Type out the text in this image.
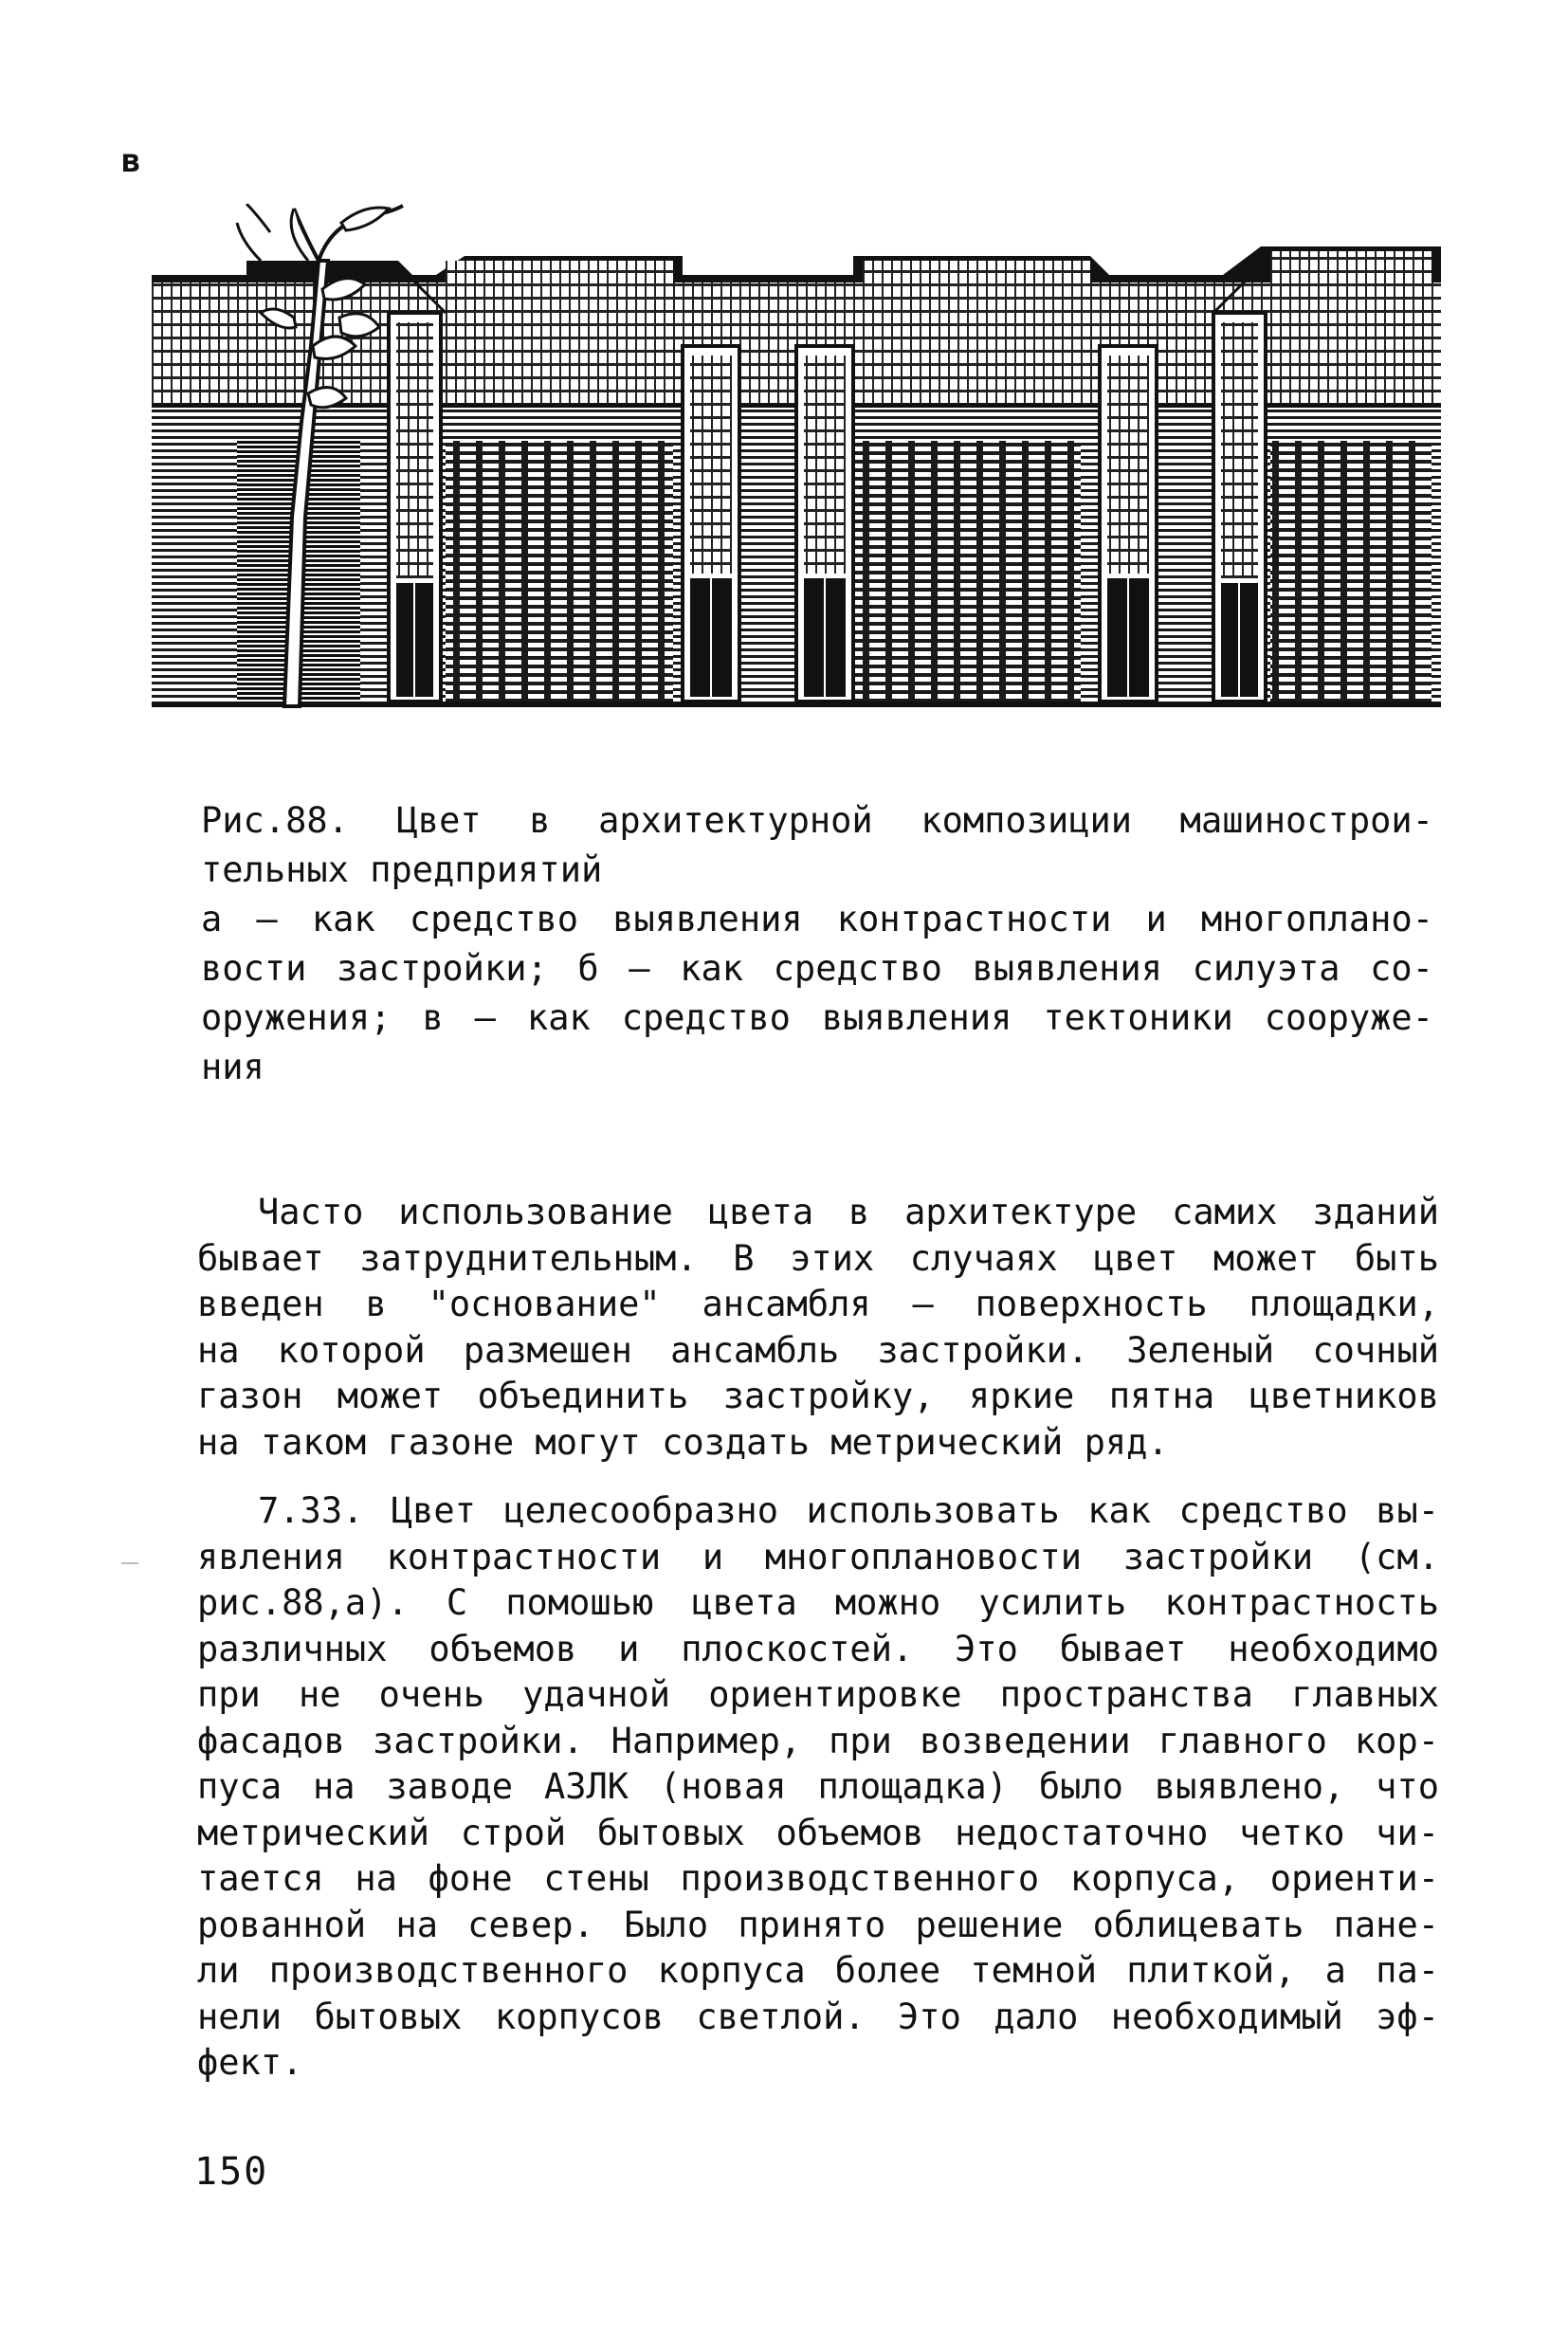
в
Рис.88. Цвет в архитектурной композиции машинострои-
тельных предприятий
а – как средство выявления контрастности и многоплано-
вости застройки; б – как средство выявления силуэта со-
оружения; в – как средство выявления тектоники сооруже-
ния
Часто использование цвета в архитектуре самих зданий
бывает затруднительным. В этих случаях цвет может быть
введен в "основание" ансамбля – поверхность площадки,
на которой размешен ансамбль застройки. Зеленый сочный
газон может объединить застройку, яркие пятна цветников
на таком газоне могут создать метрический ряд.
7.33. Цвет целесообразно использовать как средство вы-
явления контрастности и многоплановости застройки (см.
рис.88,а). С помошью цвета можно усилить контрастность
различных объемов и плоскостей. Это бывает необходимо
при не очень удачной ориентировке пространства главных
фасадов застройки. Например, при возведении главного кор-
пуса на заводе АЗЛК (новая площадка) было выявлено, что
метрический строй бытовых объемов недостаточно четко чи-
тается на фоне стены производственного корпуса, ориенти-
рованной на север. Было принято решение облицевать пане-
ли производственного корпуса более темной плиткой, а па-
нели бытовых корпусов светлой. Это дало необходимый эф-
фект.
150
